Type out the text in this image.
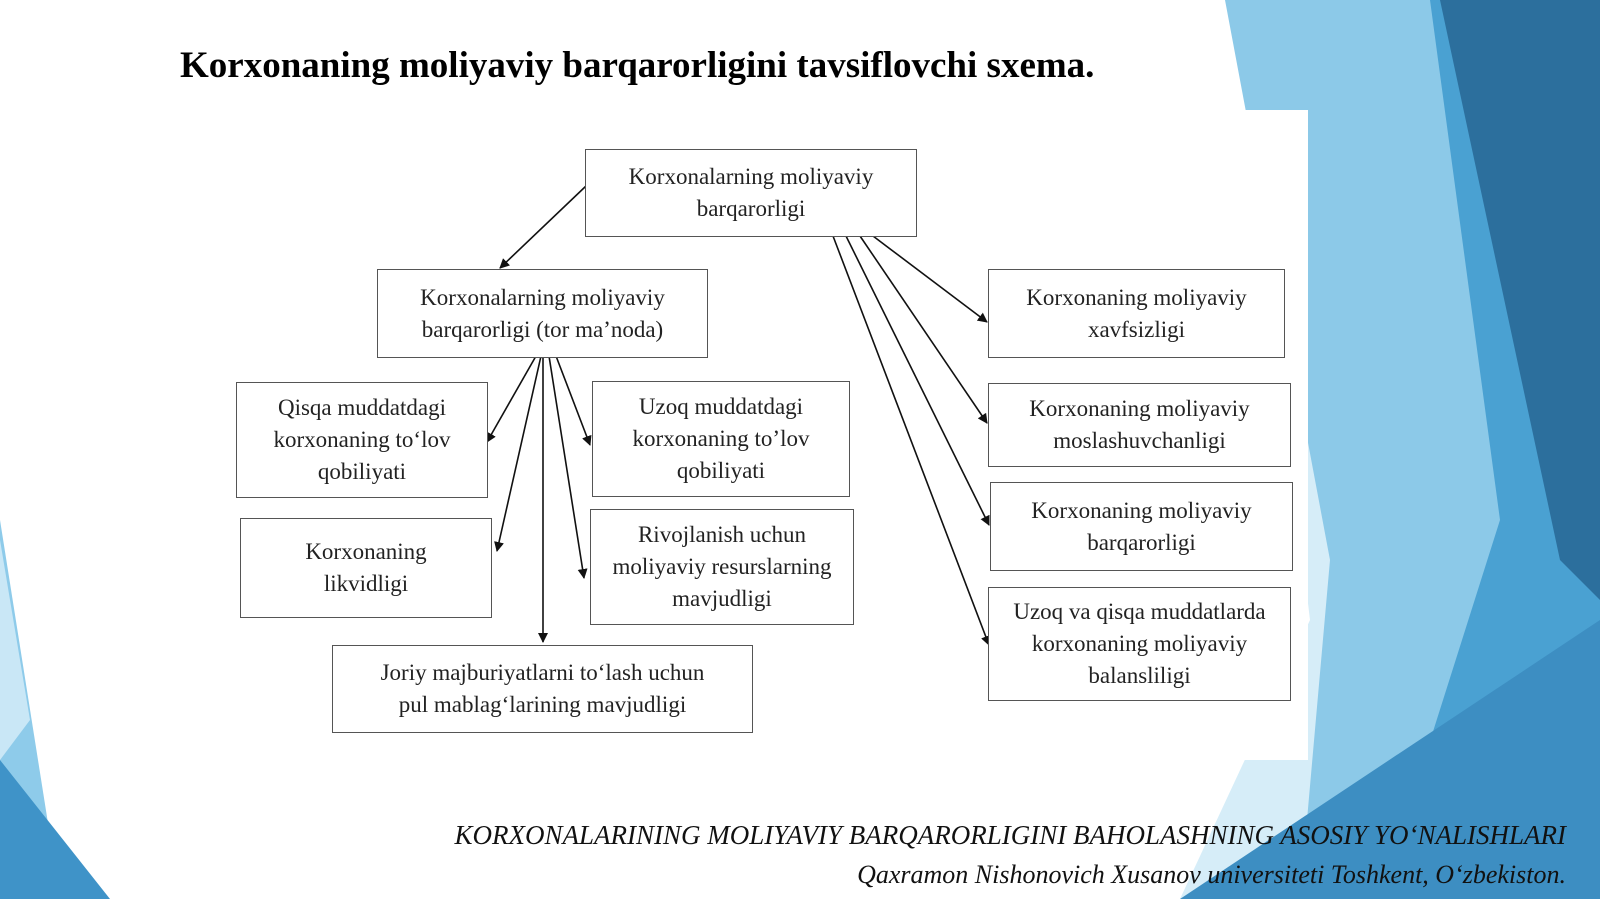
Korxonaning moliyaviy barqarorligini tavsiflovchi sxema.
Korxonalarning moliyaviy
barqarorligi
Korxonalarning moliyaviy
barqarorligi (tor ma’noda)
Qisqa muddatdagi
korxonaning to‘lov
qobiliyati
Uzoq muddatdagi
korxonaning to’lov
qobiliyati
Korxonaning
likvidligi
Rivojlanish uchun
moliyaviy resurslarning
mavjudligi
Joriy majburiyatlarni to‘lash uchun
pul mablag‘larining mavjudligi
Korxonaning moliyaviy
xavfsizligi
Korxonaning moliyaviy
moslashuvchanligi
Korxonaning moliyaviy
barqarorligi
Uzoq va qisqa muddatlarda
korxonaning moliyaviy
balansliligi

KORXONALARINING MOLIYAVIY BARQARORLIGINI BAHOLASHNING ASOSIY YO‘NALISHLARI

Qaxramon Nishonovich Xusanov universiteti Toshkent, O‘zbekiston.
